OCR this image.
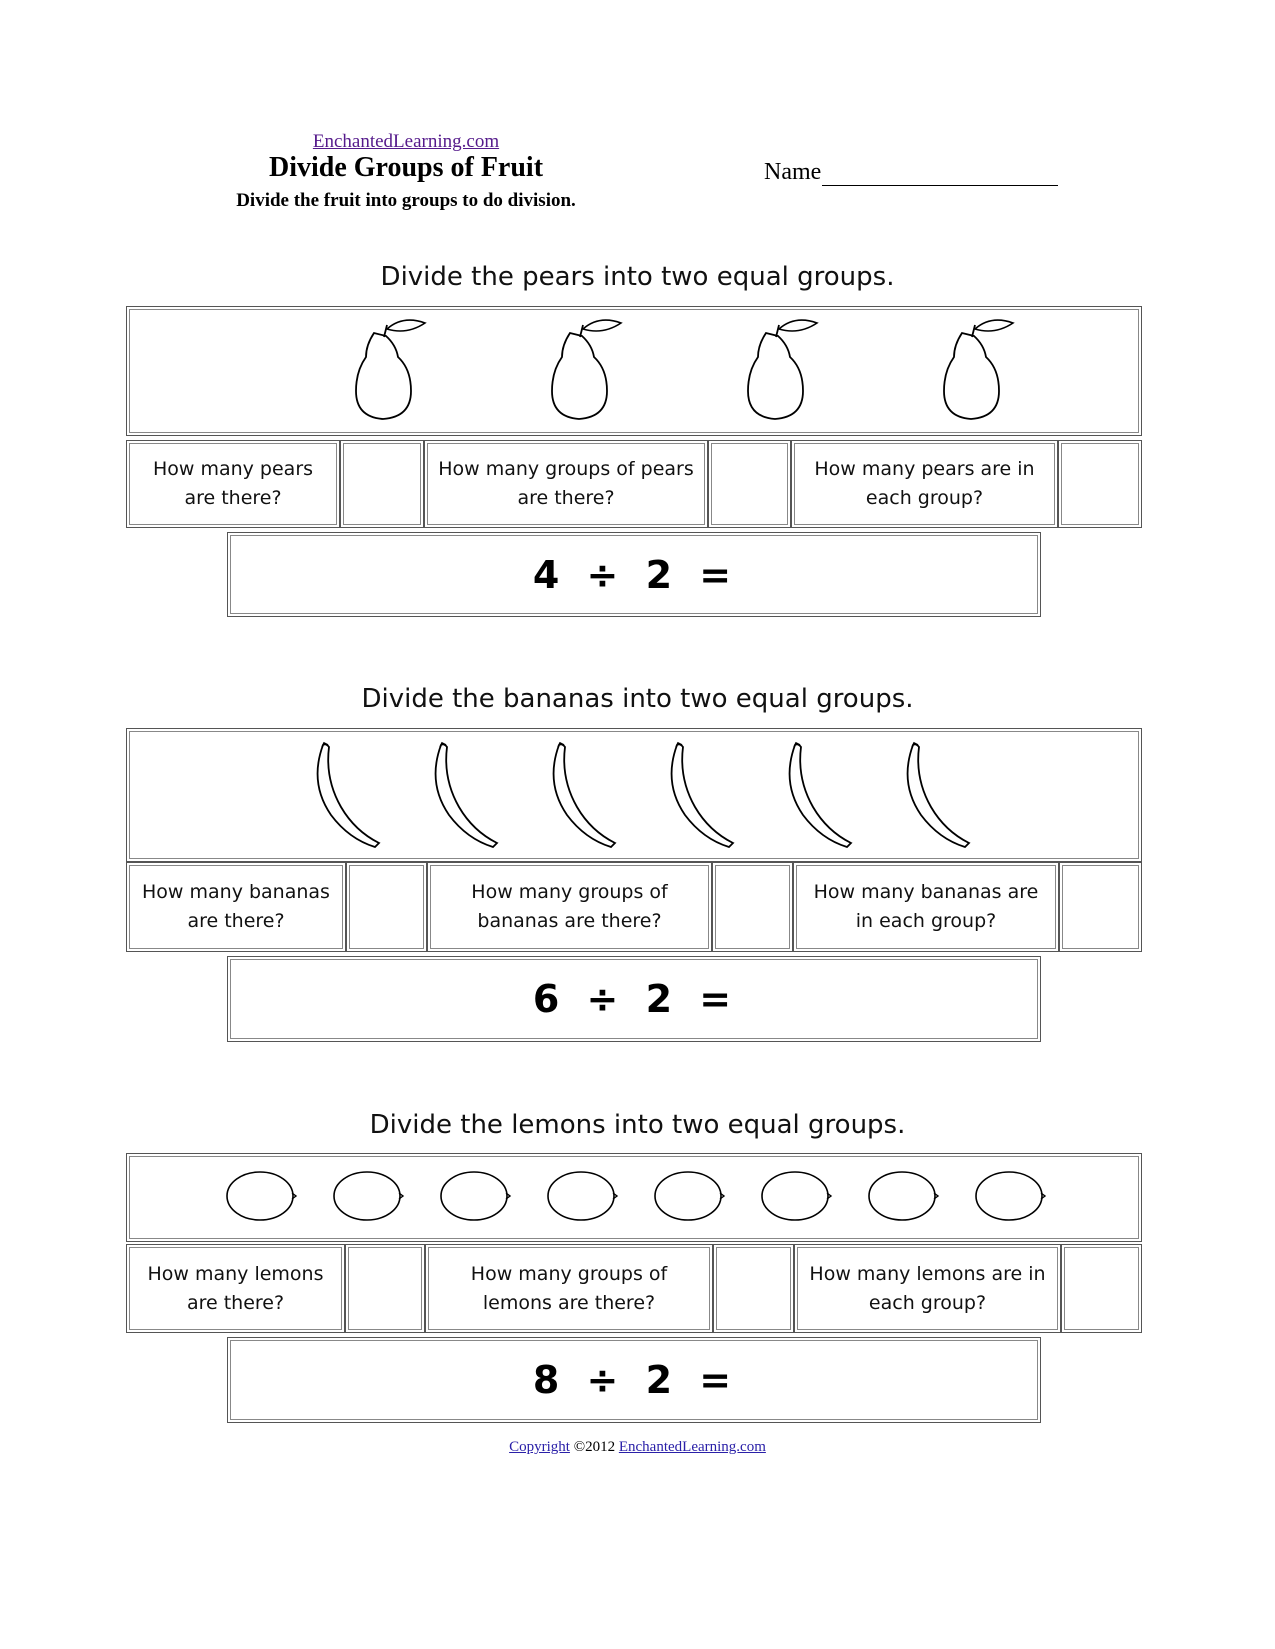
EnchantedLearning.com
Divide Groups of Fruit
Divide the fruit into groups to do division.
Name
Divide the pears into two equal groups.
How many pears are there?
How many groups of pears are there?
How many pears are in each group?
4 ÷ 2 =
Divide the bananas into two equal groups.
How many bananas are there?
How many groups of bananas are there?
How many bananas are in each group?
6 ÷ 2 =
Divide the lemons into two equal groups.
How many lemons are there?
How many groups of lemons are there?
How many lemons are in each group?
8 ÷ 2 =
Copyright ©2012 EnchantedLearning.com
